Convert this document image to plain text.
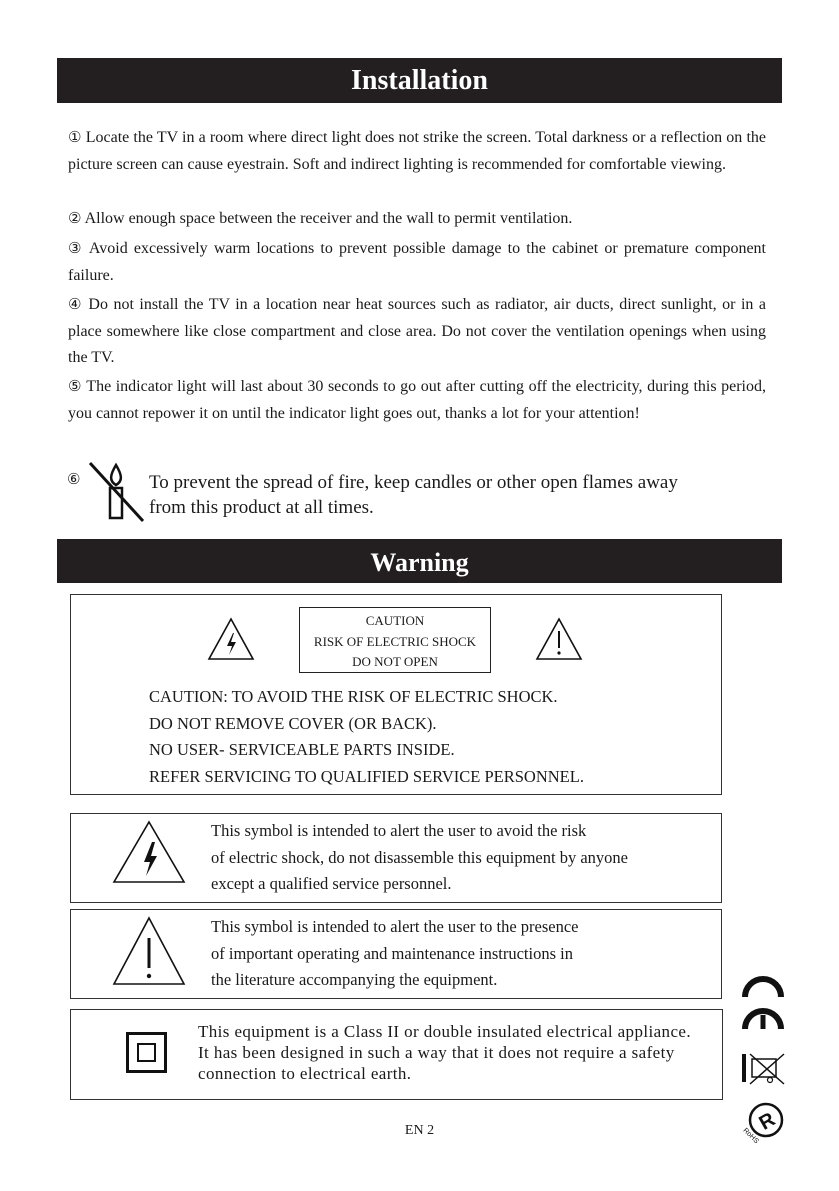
Installation

① Locate the TV in a room where direct light does not strike the screen. Total darkness or a reflection on the picture screen can cause eyestrain. Soft and indirect lighting is recommended for comfortable viewing.

② Allow enough space between the receiver and the wall to permit ventilation.

③ Avoid excessively warm locations to prevent possible damage to the cabinet or premature component failure.

④ Do not install the TV in a location near heat sources such as radiator, air ducts, direct sunlight, or in a place somewhere like close compartment and close area. Do not cover the ventilation openings when using the TV.

⑤ The indicator light will last about 30 seconds to go out after cutting off the electricity, during this period, you cannot repower it on until the indicator light goes out, thanks a lot for your attention!

⑥	To prevent the spread of fire, keep candles or other open flames away
from this product at all times.

Warning
CAUTION
RISK OF ELECTRIC SHOCK
DO NOT OPEN
CAUTION: TO AVOID THE RISK OF ELECTRIC SHOCK.
DO NOT REMOVE COVER (OR BACK).
NO USER- SERVICEABLE PARTS INSIDE.
REFER SERVICING TO QUALIFIED SERVICE PERSONNEL.
This symbol is intended to alert the user to avoid the risk
of electric shock, do not disassemble this equipment by anyone
except a qualified service personnel.
This symbol is intended to alert the user to the presence
of important operating and maintenance instructions in
the literature accompanying the equipment.
This equipment is a Class II or double insulated electrical appliance.
It has been designed in such a way that it does not require a safety
connection to electrical earth.
R
RoHS
EN 2
